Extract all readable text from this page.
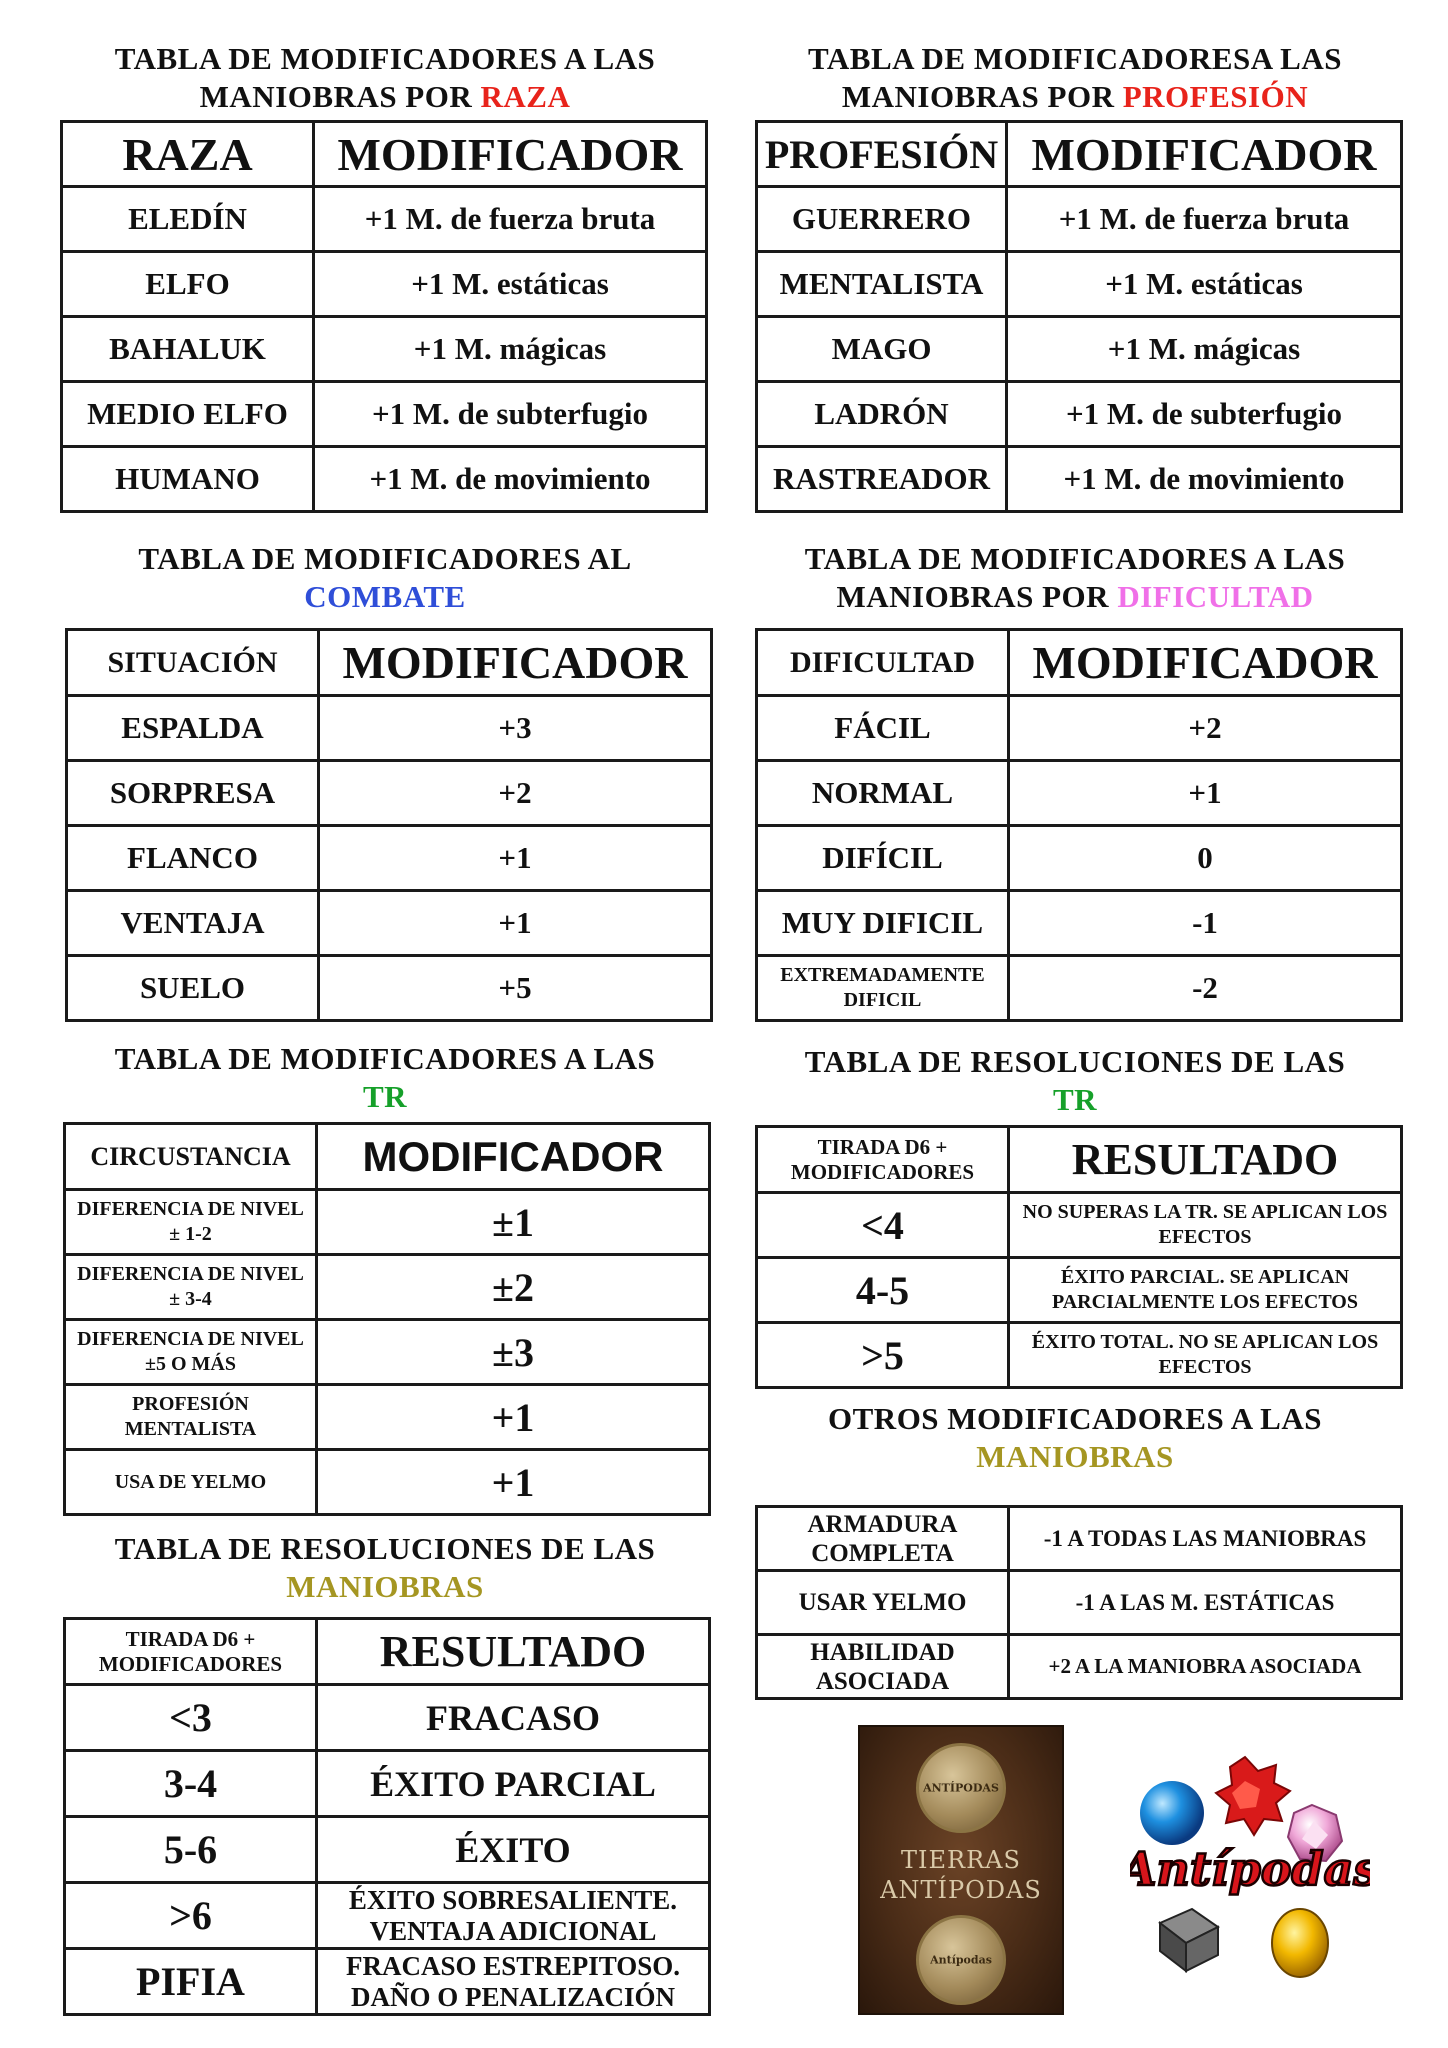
TABLA DE MODIFICADORES A LAS
MANIOBRAS POR RAZA
RAZA	MODIFICADOR
ELEDÍN	+1 M. de fuerza bruta
ELFO	+1 M. estáticas
BAHALUK	+1 M. mágicas
MEDIO ELFO	+1 M. de subterfugio
HUMANO	+1 M. de movimiento
TABLA DE MODIFICADORESA LAS
MANIOBRAS POR PROFESIÓN
PROFESIÓN	MODIFICADOR
GUERRERO	+1 M. de fuerza bruta
MENTALISTA	+1 M. estáticas
MAGO	+1 M. mágicas
LADRÓN	+1 M. de subterfugio
RASTREADOR	+1 M. de movimiento
TABLA DE MODIFICADORES AL
COMBATE
SITUACIÓN	MODIFICADOR
ESPALDA	+3
SORPRESA	+2
FLANCO	+1
VENTAJA	+1
SUELO	+5
TABLA DE MODIFICADORES A LAS
MANIOBRAS POR DIFICULTAD
DIFICULTAD	MODIFICADOR
FÁCIL	+2
NORMAL	+1
DIFÍCIL	0
MUY DIFICIL	-1
EXTREMADAMENTE DIFICIL	-2
TABLA DE MODIFICADORES A LAS
TR
CIRCUSTANCIA	MODIFICADOR
DIFERENCIA DE NIVEL ± 1-2	±1
DIFERENCIA DE NIVEL ± 3-4	±2
DIFERENCIA DE NIVEL ±5 O MÁS	±3
PROFESIÓN MENTALISTA	+1
USA DE YELMO	+1
TABLA DE RESOLUCIONES DE LAS
TR
TIRADA D6 + MODIFICADORES	RESULTADO
<4	NO SUPERAS LA TR. SE APLICAN LOS EFECTOS
4-5	ÉXITO PARCIAL. SE APLICAN PARCIALMENTE LOS EFECTOS
>5	ÉXITO TOTAL. NO SE APLICAN LOS EFECTOS
OTROS MODIFICADORES A LAS
MANIOBRAS
ARMADURA COMPLETA	-1 A TODAS LAS MANIOBRAS
USAR YELMO	-1 A LAS M. ESTÁTICAS
HABILIDAD ASOCIADA	+2 A LA MANIOBRA ASOCIADA
TABLA DE RESOLUCIONES DE LAS
MANIOBRAS
TIRADA D6 + MODIFICADORES	RESULTADO
<3	FRACASO
3-4	ÉXITO PARCIAL
5-6	ÉXITO
>6	ÉXITO SOBRESALIENTE. VENTAJA ADICIONAL
PIFIA	FRACASO ESTREPITOSO. DAÑO O PENALIZACIÓN
ANTÍPODAS
TIERRAS ANTÍPODAS
Antípodas
Antípodas
